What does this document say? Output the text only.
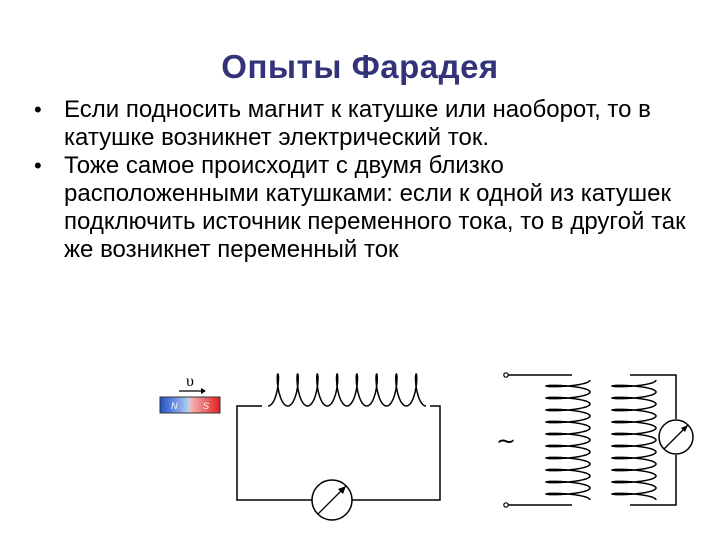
Опыты Фарадея
• Если подносить магнит к катушке или наоборот, то в катушке возникнет электрический ток.
• Тоже самое происходит с двумя близко расположенными катушками: если к одной из катушек подключить источник переменного тока, то в другой так же возникнет переменный ток
υ
N	S
~
